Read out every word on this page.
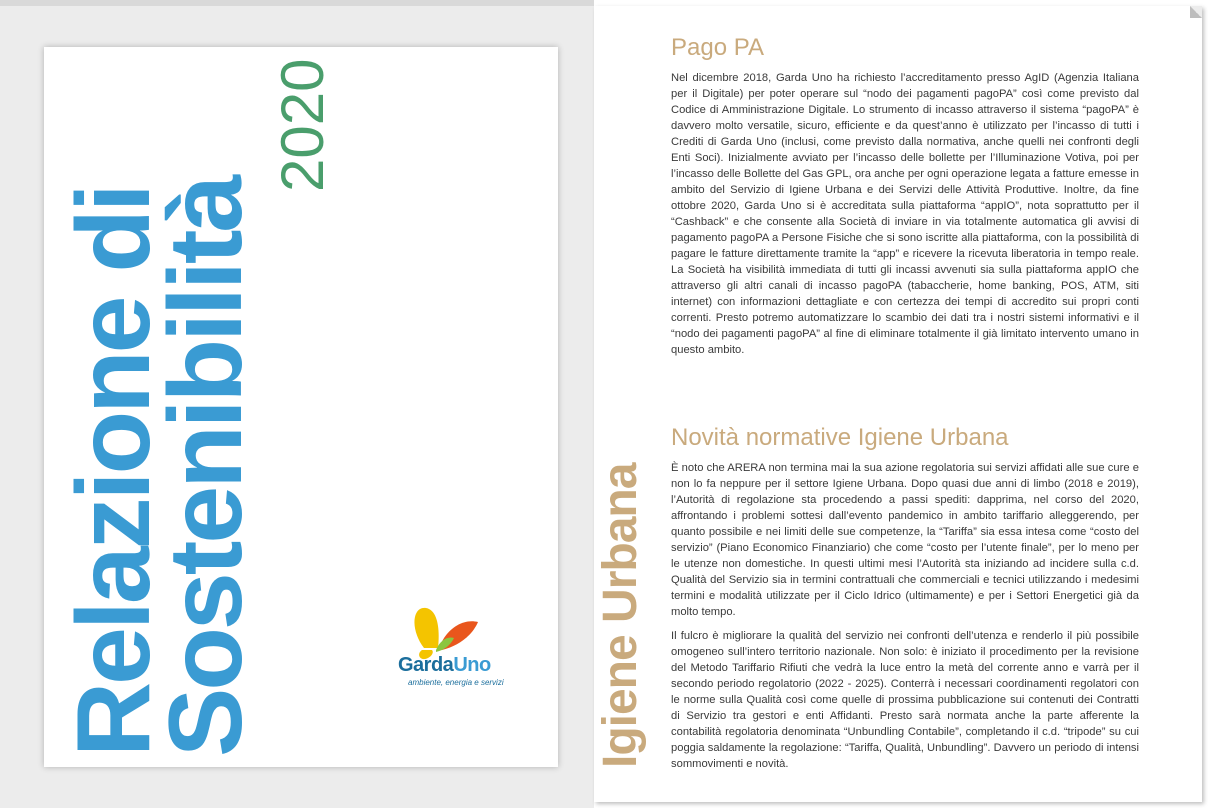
Relazione di
Sostenibilità
2020
GardaUno
ambiente, energia e servizi Igiene Urbana
Pago PA

Nel dicembre 2018, Garda Uno ha richiesto l’accreditamento presso AgID (Agenzia Italiana per il Digitale) per poter operare sul “nodo dei pagamenti pagoPA” così come previsto dal Codice di Amministrazione Digitale. Lo strumento di incasso attraverso il sistema “pagoPA” è davvero molto versatile, sicuro, efficiente e da quest’anno è utilizzato per l’incasso di tutti i Crediti di Garda Uno (inclusi, come previsto dalla normativa, anche quelli nei confronti degli Enti Soci). Inizialmente avviato per l’incasso delle bollette per l’Illuminazione Votiva, poi per l’incasso delle Bollette del Gas GPL, ora anche per ogni operazione legata a fatture emesse in ambito del Servizio di Igiene Urbana e dei Servizi delle Attività Produttive. Inoltre, da fine ottobre 2020, Garda Uno si è accreditata sulla piattaforma “appIO”, nota soprattutto per il “Cashback” e che consente alla Società di inviare in via totalmente automatica gli avvisi di pagamento pagoPA a Persone Fisiche che si sono iscritte alla piattaforma, con la possibilità di pagare le fatture direttamente tramite la “app” e ricevere la ricevuta liberatoria in tempo reale. La Società ha visibilità immediata di tutti gli incassi avvenuti sia sulla piattaforma appIO che attraverso gli altri canali di incasso pagoPA (tabaccherie, home banking, POS, ATM, siti internet) con informazioni dettagliate e con certezza dei tempi di accredito sui propri conti correnti. Presto potremo automatizzare lo scambio dei dati tra i nostri sistemi informativi e il “nodo dei pagamenti pagoPA” al fine di eliminare totalmente il già limitato intervento umano in questo ambito.

Novità normative Igiene Urbana

È noto che ARERA non termina mai la sua azione regolatoria sui servizi affidati alle sue cure e non lo fa neppure per il settore Igiene Urbana. Dopo quasi due anni di limbo (2018 e 2019), l’Autorità di regolazione sta procedendo a passi spediti: dapprima, nel corso del 2020, affrontando i problemi sottesi dall’evento pandemico in ambito tariffario alleggerendo, per quanto possibile e nei limiti delle sue competenze, la “Tariffa” sia essa intesa come “costo del servizio” (Piano Economico Finanziario) che come “costo per l’utente finale”, per lo meno per le utenze non domestiche. In questi ultimi mesi l’Autorità sta iniziando ad incidere sulla c.d. Qualità del Servizio sia in termini contrattuali che commerciali e tecnici utilizzando i medesimi termini e modalità utilizzate per il Ciclo Idrico (ultimamente) e per i Settori Energetici già da molto tempo.

Il fulcro è migliorare la qualità del servizio nei confronti dell’utenza e renderlo il più possibile omogeneo sull’intero territorio nazionale. Non solo: è iniziato il procedimento per la revisione del Metodo Tariffario Rifiuti che vedrà la luce entro la metà del corrente anno e varrà per il secondo periodo regolatorio (2022 - 2025). Conterrà i necessari coordinamenti regolatori con le norme sulla Qualità così come quelle di prossima pubblicazione sui contenuti dei Contratti di Servizio tra gestori e enti Affidanti. Presto sarà normata anche la parte afferente la contabilità regolatoria denominata “Unbundling Contabile”, completando il c.d. “tripode” su cui poggia saldamente la regolazione: “Tariffa, Qualità, Unbundling”. Davvero un periodo di intensi sommovimenti e novità.
